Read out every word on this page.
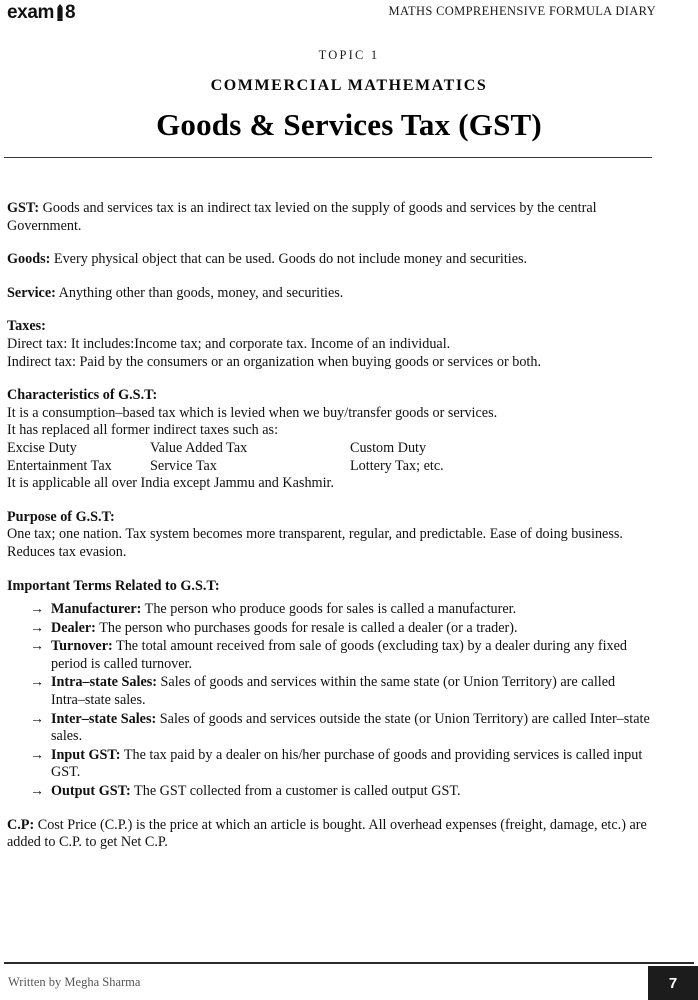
exam 8	MATHS COMPREHENSIVE FORMULA DIARY
TOPIC 1
COMMERCIAL MATHEMATICS
Goods & Services Tax (GST)

GST: Goods and services tax is an indirect tax levied on the supply of goods and services by the central Government.

Goods: Every physical object that can be used. Goods do not include money and securities.

Service: Anything other than goods, money, and securities.

Taxes:
Direct tax: It includes:Income tax; and corporate tax. Income of an individual.
Indirect tax: Paid by the consumers or an organization when buying goods or services or both.
Characteristics of G.S.T:
It is a consumption–based tax which is levied when we buy/transfer goods or services.
It has replaced all former indirect taxes such as:
Excise Duty	Value Added Tax	Custom Duty
Entertainment Tax	Service Tax	Lottery Tax; etc.
It is applicable all over India except Jammu and Kashmir.
Purpose of G.S.T:
One tax; one nation. Tax system becomes more transparent, regular, and predictable. Ease of doing business. Reduces tax evasion.
Important Terms Related to G.S.T:
→ Manufacturer: The person who produce goods for sales is called a manufacturer.
→ Dealer: The person who purchases goods for resale is called a dealer (or a trader).
→ Turnover: The total amount received from sale of goods (excluding tax) by a dealer during any fixed period is called turnover.
→ Intra–state Sales: Sales of goods and services within the same state (or Union Territory) are called Intra–state sales.
→ Inter–state Sales: Sales of goods and services outside the state (or Union Territory) are called Inter–state sales.
→ Input GST: The tax paid by a dealer on his/her purchase of goods and providing services is called input GST.
→ Output GST: The GST collected from a customer is called output GST.

C.P: Cost Price (C.P.) is the price at which an article is bought. All overhead expenses (freight, damage, etc.) are added to C.P. to get Net C.P.

Written by Megha Sharma	7
